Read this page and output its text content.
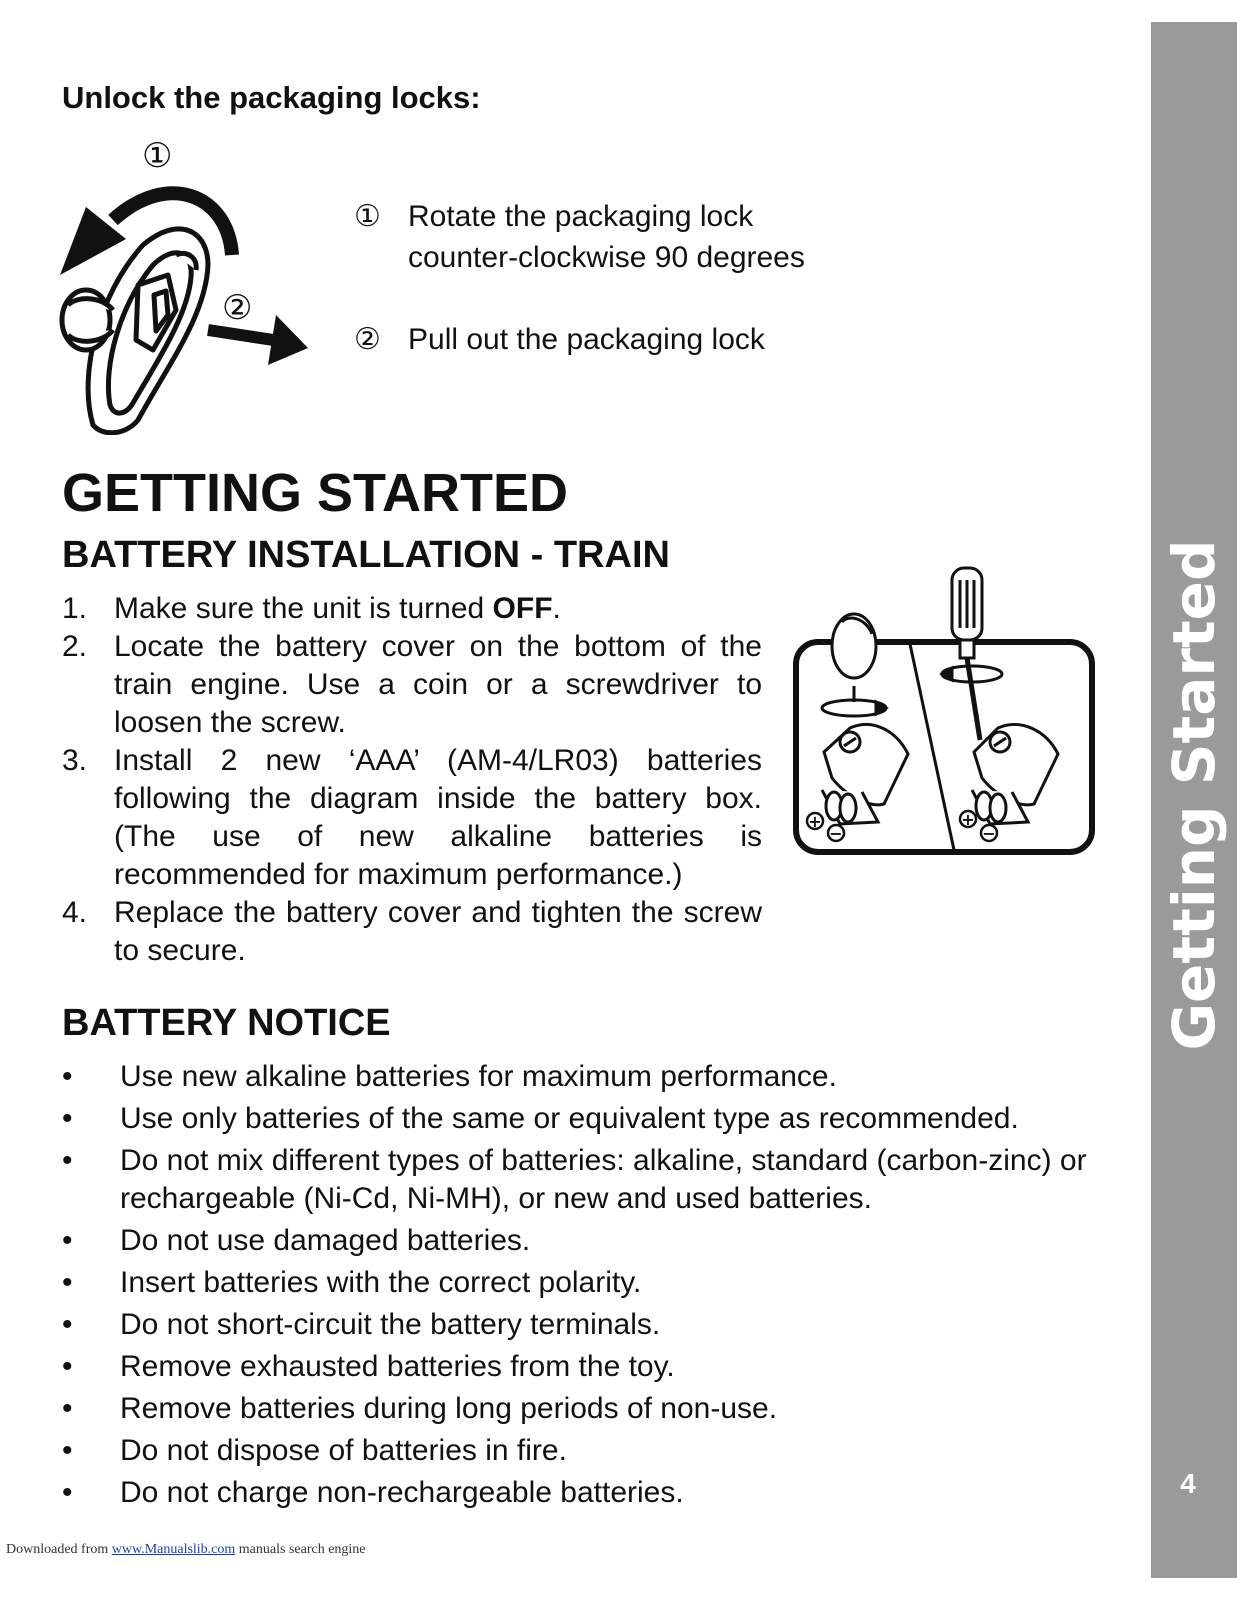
Getting Started
4
Unlock the packaging locks:
①
②
① Rotate the packaging lock
counter-clockwise 90 degrees
② Pull out the packaging lock
GETTING STARTED
BATTERY INSTALLATION - TRAIN
1. Make sure the unit is turned OFF.
2. Locate the battery cover on the bottom of the train engine. Use a coin or a screwdriver to loosen the screw.
3. Install 2 new ‘AAA’ (AM-4/LR03) batteries following the diagram inside the battery box. (The use of new alkaline batteries is recommended for maximum performance.)
4. Replace the battery cover and tighten the screw to secure.
+
−
+
−
BATTERY NOTICE
• Use new alkaline batteries for maximum performance.
• Use only batteries of the same or equivalent type as recommended.
• Do not mix different types of batteries: alkaline, standard (carbon-zinc) or rechargeable (Ni-Cd, Ni-MH), or new and used batteries.
• Do not use damaged batteries.
• Insert batteries with the correct polarity.
• Do not short-circuit the battery terminals.
• Remove exhausted batteries from the toy.
• Remove batteries during long periods of non-use.
• Do not dispose of batteries in fire.
• Do not charge non-rechargeable batteries.
Downloaded from www.Manualslib.com manuals search engine
